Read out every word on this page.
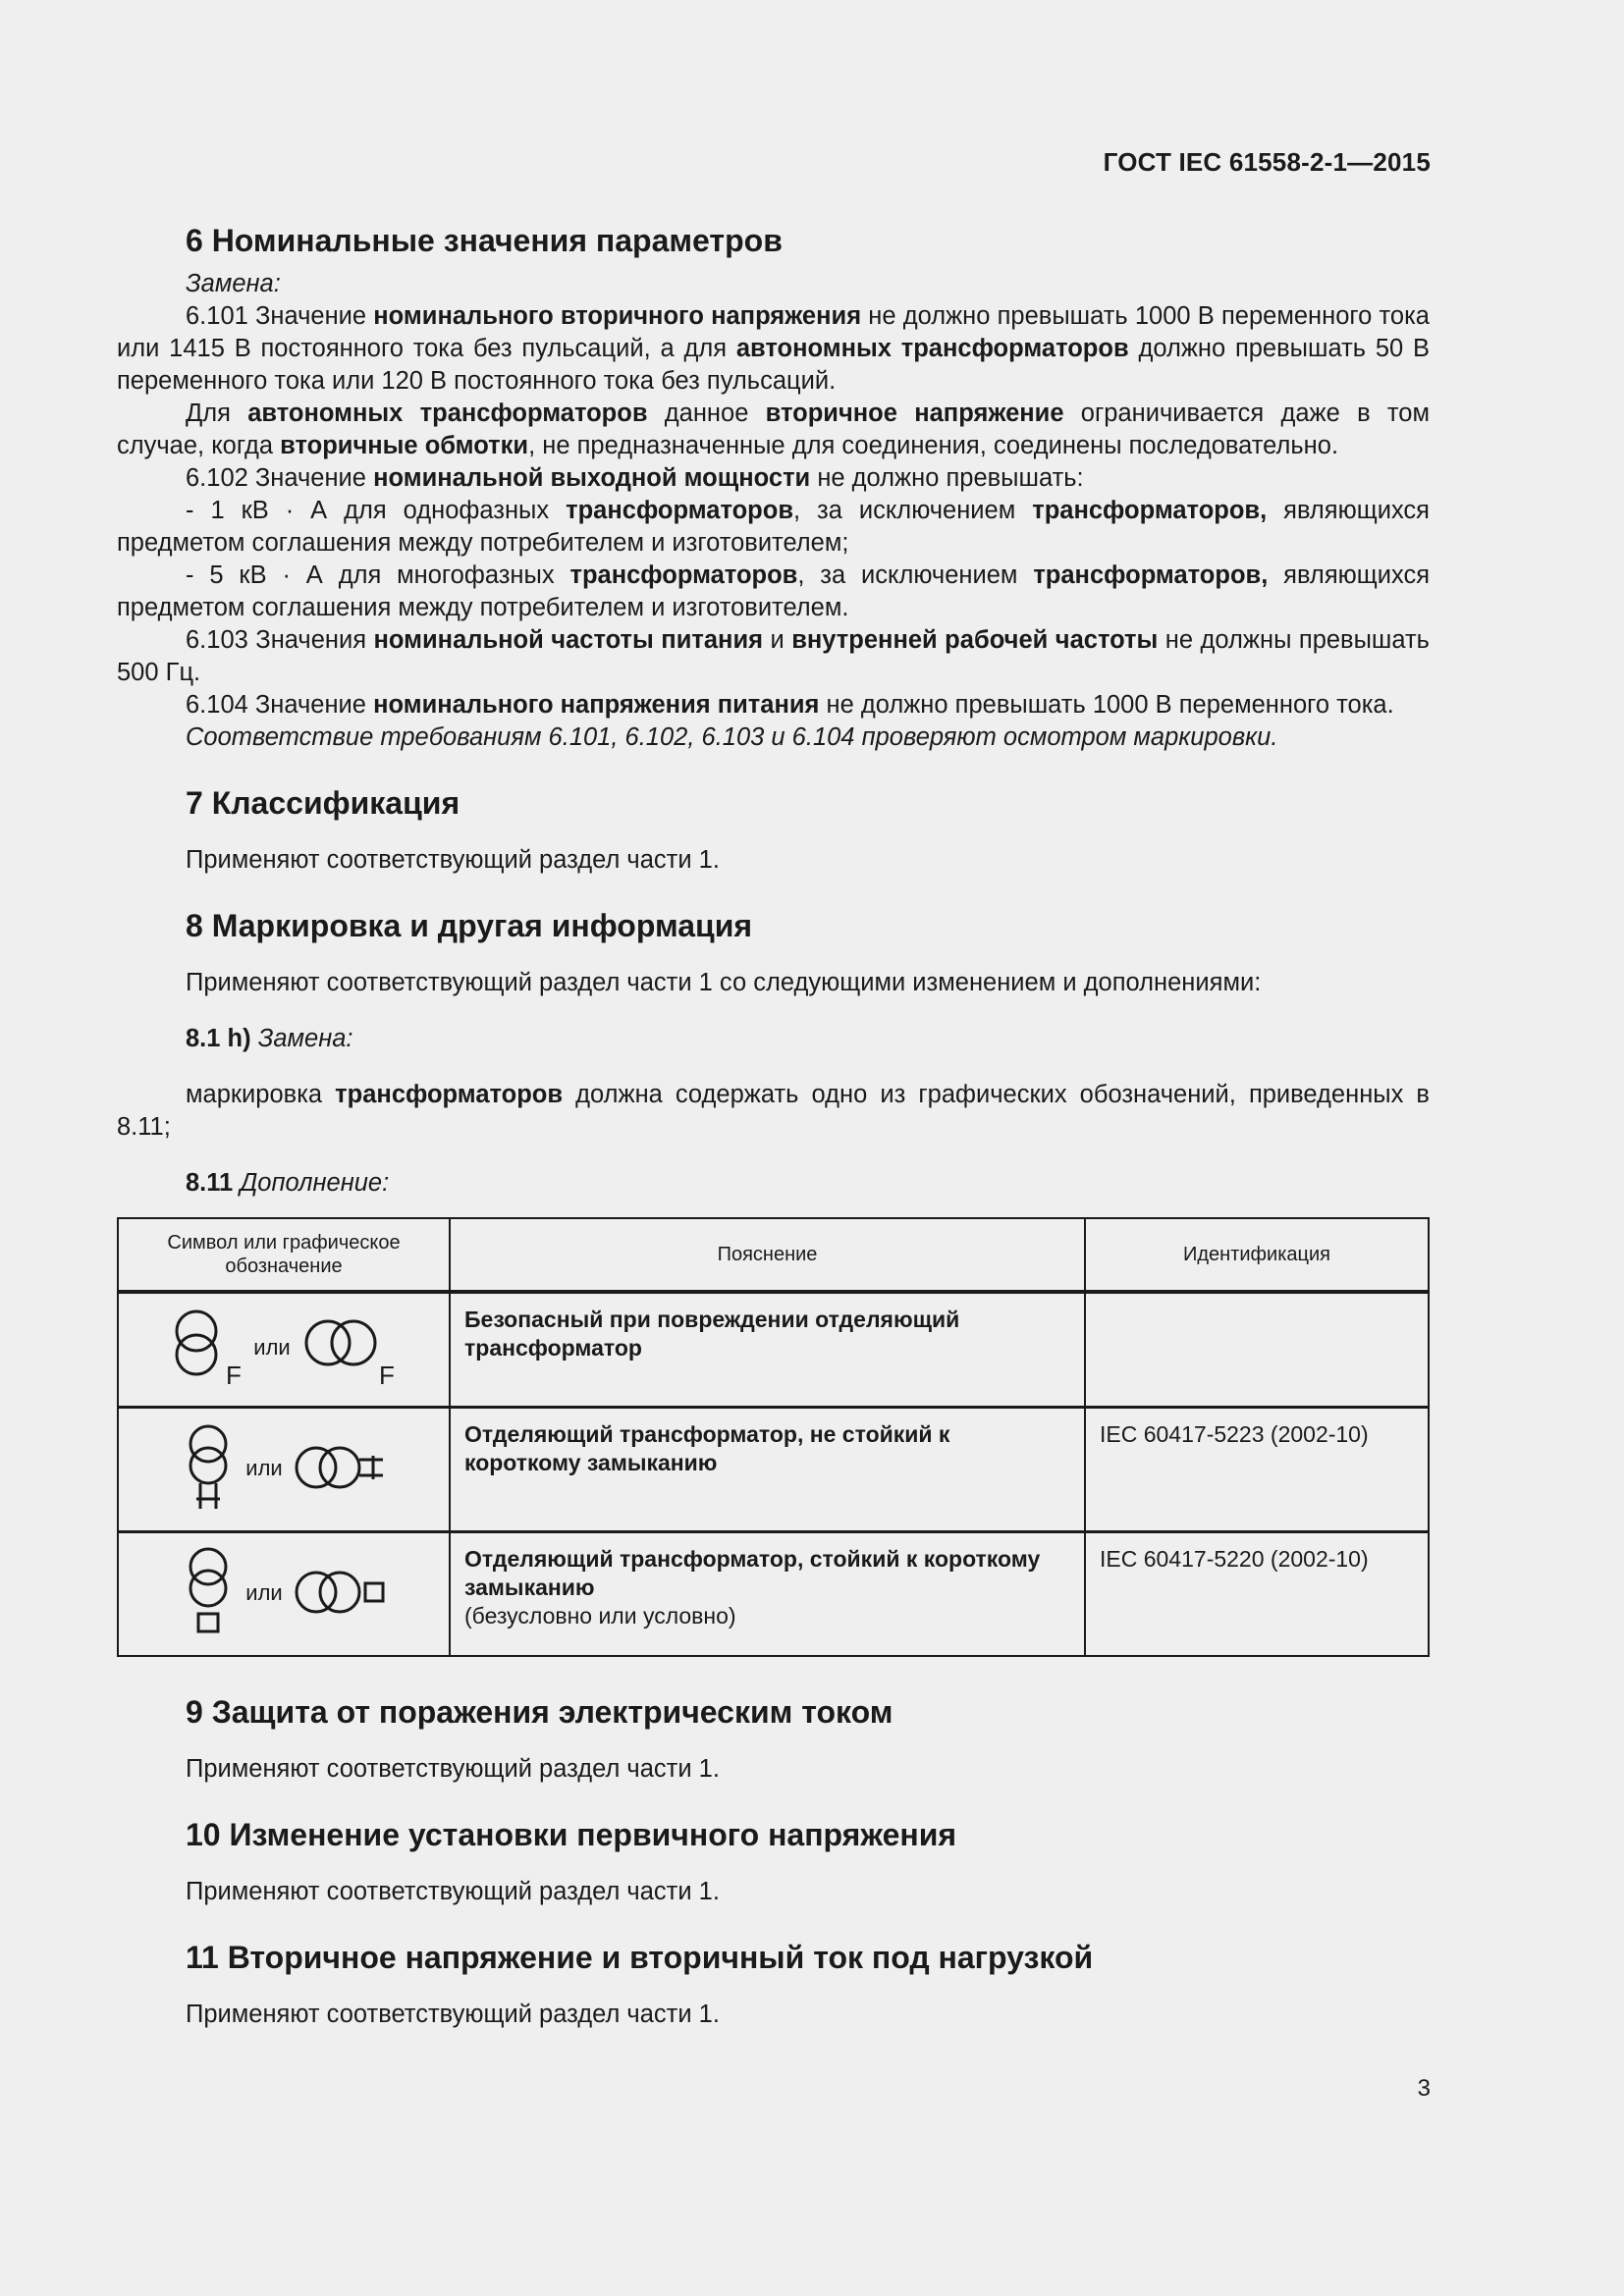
ГОСТ IEC 61558-2-1—2015
6 Номинальные значения параметров

Замена:

6.101 Значение номинального вторичного напряжения не должно превышать 1000 В переменного тока или 1415 В постоянного тока без пульсаций, а для автономных трансформаторов должно превышать 50 В переменного тока или 120 В постоянного тока без пульсаций.

Для автономных трансформаторов данное вторичное напряжение ограничивается даже в том случае, когда вторичные обмотки, не предназначенные для соединения, соединены последовательно.

6.102 Значение номинальной выходной мощности не должно превышать:

- 1 кВ · А для однофазных трансформаторов, за исключением трансформаторов, являющихся предметом соглашения между потребителем и изготовителем;

- 5 кВ · А для многофазных трансформаторов, за исключением трансформаторов, являющихся предметом соглашения между потребителем и изготовителем.

6.103 Значения номинальной частоты питания и внутренней рабочей частоты не должны превышать 500 Гц.

6.104 Значение номинального напряжения питания не должно превышать 1000 В переменного тока.

Соответствие требованиям 6.101, 6.102, 6.103 и 6.104 проверяют осмотром маркировки.

7 Классификация

Применяют соответствующий раздел части 1.

8 Маркировка и другая информация

Применяют соответствующий раздел части 1 со следующими изменением и дополнениями:

8.1 h) Замена:

маркировка трансформаторов должна содержать одно из графических обозначений, приведенных в 8.11;

8.11 Дополнение:

Символ или графическое обозначение	Пояснение	Идентификация

F
или
F	Безопасный при повреждении отделяющий трансформатор	

или	Отделяющий трансформатор, не стойкий к короткому замыканию	IEC 60417-5223 (2002-10)

или	Отделяющий трансформатор, стойкий к короткому замыканию
(безусловно или условно)	IEC 60417-5220 (2002-10)
9 Защита от поражения электрическим током

Применяют соответствующий раздел части 1.

10 Изменение установки первичного напряжения

Применяют соответствующий раздел части 1.

11 Вторичное напряжение и вторичный ток под нагрузкой

Применяют соответствующий раздел части 1.

3
